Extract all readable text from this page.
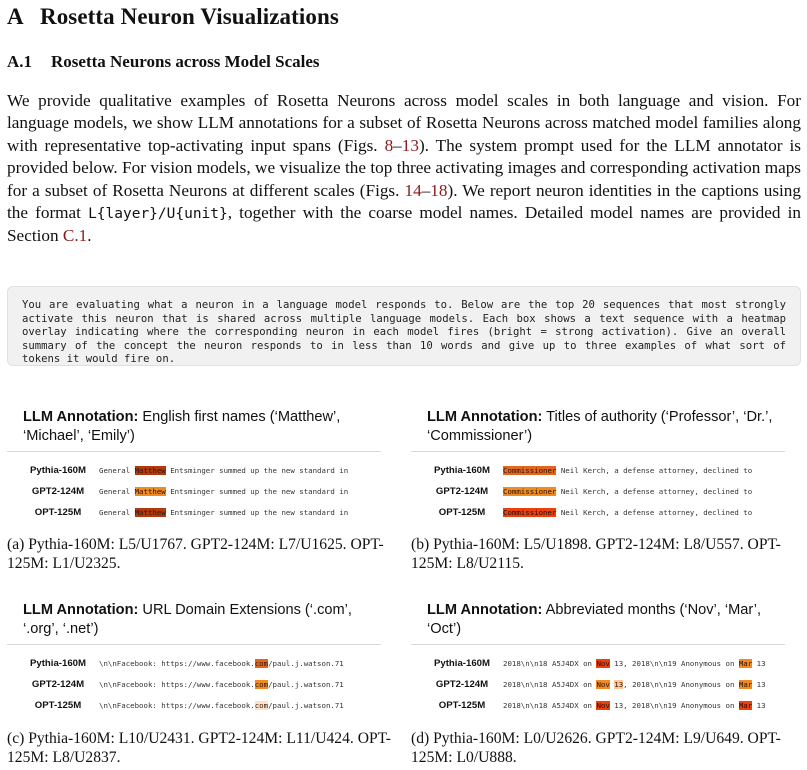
A Rosetta Neuron Visualizations
A.1 Rosetta Neurons across Model Scales

We provide qualitative examples of Rosetta Neurons across model scales in both language and vision. For language models, we show LLM annotations for a subset of Rosetta Neurons across matched model families along with representative top-activating input spans (Figs. 8–13). The system prompt used for the LLM annotator is provided below. For vision models, we visualize the top three activating images and corresponding activation maps for a subset of Rosetta Neurons at different scales (Figs. 14–18). We report neuron identities in the captions using the format L{layer}/U{unit}, together with the coarse model names. Detailed model names are provided in Section C.1.

You are evaluating what a neuron in a language model responds to. Below are the top 20 sequences that most strongly activate this neuron that is shared across multiple language models. Each box shows a text sequence with a heatmap overlay indicating where the corresponding neuron in each model fires (bright = strong activation). Give an overall summary of the concept the neuron responds to in less than 10 words and give up to three examples of what sort of tokens it would fire on.

LLM Annotation: English first names (‘Matthew’, ‘Michael’, ‘Emily’)

Pythia-160M	General Matthew Entsminger summed up the new standard in
GPT2-124M	General Matthew Entsminger summed up the new standard in
OPT-125M	General Matthew Entsminger summed up the new standard in

(a) Pythia-160M: L5/U1767. GPT2-124M: L7/U1625. OPT-125M: L1/U2325.

LLM Annotation: Titles of authority (‘Professor’, ‘Dr.’, ‘Commissioner’)

Pythia-160M	Commissioner Neil Kerch, a defense attorney, declined to
GPT2-124M	Commissioner Neil Kerch, a defense attorney, declined to
OPT-125M	Commissioner Neil Kerch, a defense attorney, declined to

(b) Pythia-160M: L5/U1898. GPT2-124M: L8/U557. OPT-125M: L8/U2115.

LLM Annotation: URL Domain Extensions (‘.com’, ‘.org’, ‘.net’)

Pythia-160M	\n\nFacebook: https://www.facebook.com/paul.j.watson.71
GPT2-124M	\n\nFacebook: https://www.facebook.com/paul.j.watson.71
OPT-125M	\n\nFacebook: https://www.facebook.com/paul.j.watson.71

(c) Pythia-160M: L10/U2431. GPT2-124M: L11/U424. OPT-125M: L8/U2837.

LLM Annotation: Abbreviated months (‘Nov’, ‘Mar’, ‘Oct’)

Pythia-160M	2018\n\n18 A5J4DX on Nov 13, 2018\n\n19 Anonymous on Mar 13
GPT2-124M	2018\n\n18 A5J4DX on Nov 13, 2018\n\n19 Anonymous on Mar 13
OPT-125M	2018\n\n18 A5J4DX on Nov 13, 2018\n\n19 Anonymous on Mar 13

(d) Pythia-160M: L0/U2626. GPT2-124M: L9/U649. OPT-125M: L0/U888.
